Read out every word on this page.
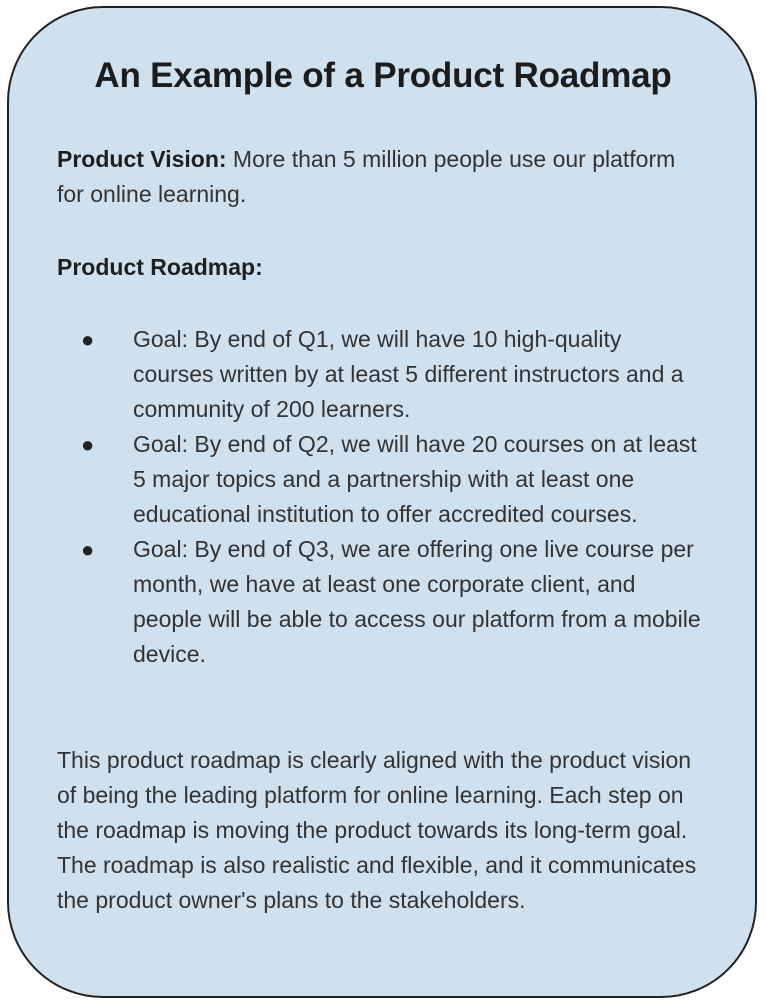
An Example of a Product Roadmap

Product Vision: More than 5 million people use our platform for online learning.

Product Roadmap:

● Goal: By end of Q1, we will have 10 high-quality courses written by at least 5 different instructors and a community of 200 learners.
● Goal: By end of Q2, we will have 20 courses on at least 5 major topics and a partnership with at least one educational institution to offer accredited courses.
● Goal: By end of Q3, we are offering one live course per month, we have at least one corporate client, and people will be able to access our platform from a mobile device.

This product roadmap is clearly aligned with the product vision of being the leading platform for online learning. Each step on the roadmap is moving the product towards its long-term goal. The roadmap is also realistic and flexible, and it communicates the product owner's plans to the stakeholders.
